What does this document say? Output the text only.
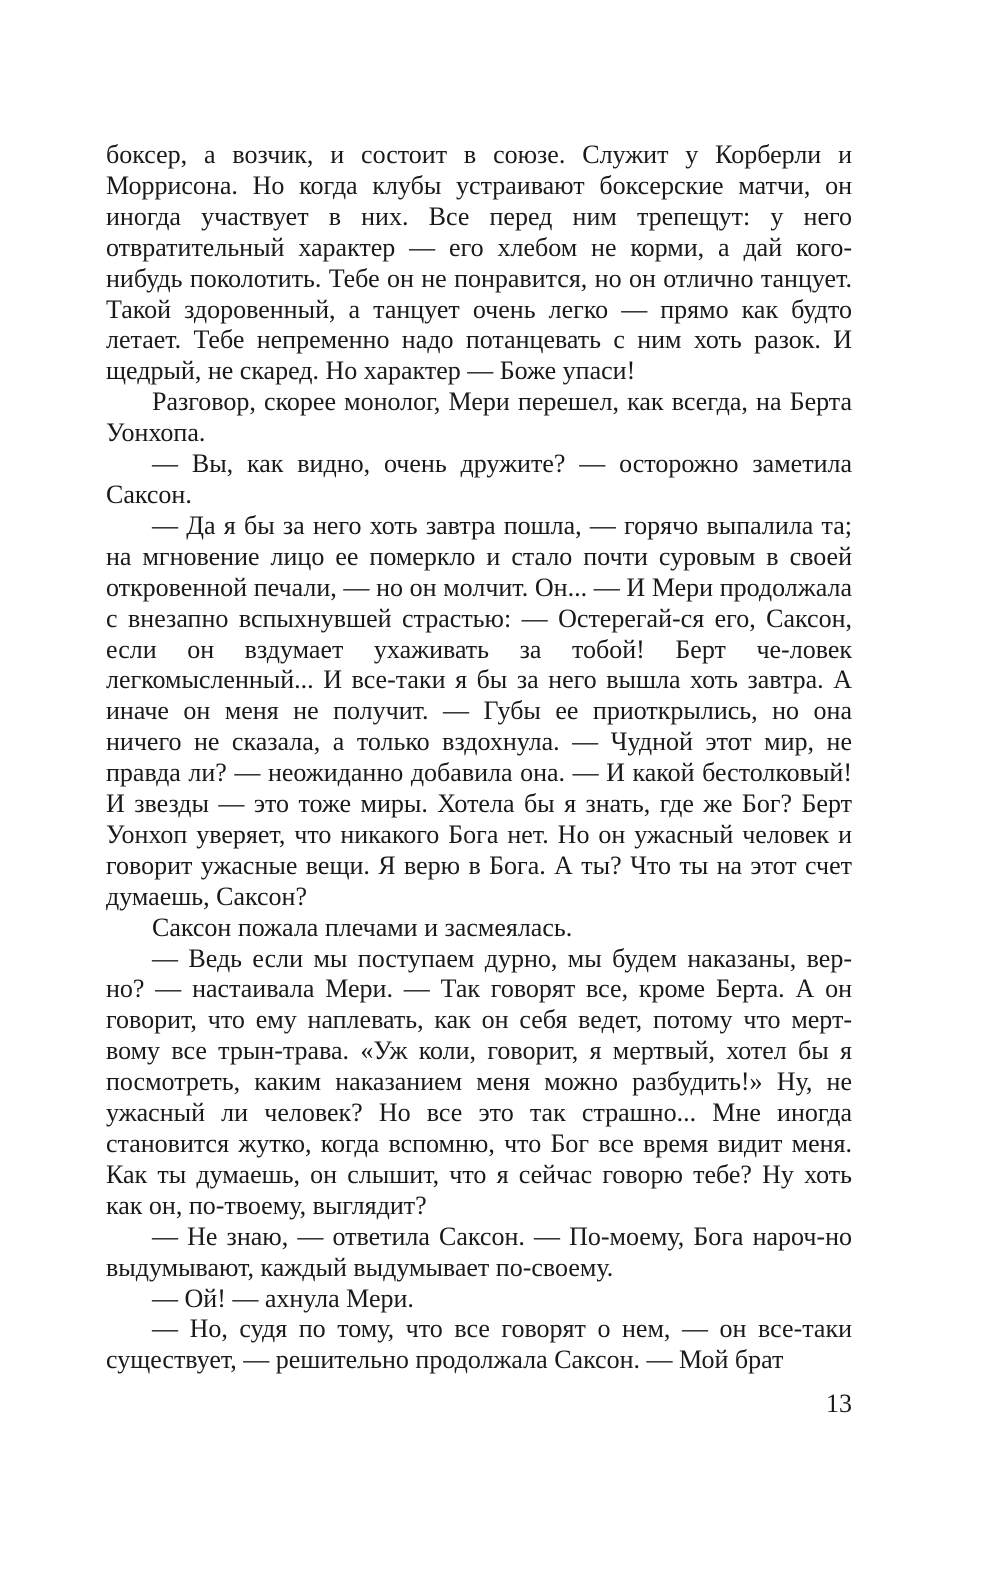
боксер, а возчик, и состоит в союзе. Служит у Корберли и Моррисона. Но когда клубы устраивают боксерские матчи, он иногда участвует в них. Все перед ним трепещут: у него отвратительный характер — его хлебом не корми, а дай кого-нибудь поколотить. Тебе он не понравится, но он отлично танцует. Такой здоровенный, а танцует очень легко — прямо как будто летает. Тебе непременно надо потанцевать с ним хоть разок. И щедрый, не скаред. Но характер — Боже упаси!

Разговор, скорее монолог, Мери перешел, как всегда, на Берта Уонхопа.

— Вы, как видно, очень дружите? — осторожно заметила Саксон.

— Да я бы за него хоть завтра пошла, — горячо выпалила та; на мгновение лицо ее померкло и стало почти суровым в своей откровенной печали, — но он молчит. Он... — И Мери продолжала с внезапно вспыхнувшей страстью: — Остерегай-ся его, Саксон, если он вздумает ухаживать за тобой! Берт че-ловек легкомысленный... И все-таки я бы за него вышла хоть завтра. А иначе он меня не получит. — Губы ее приоткрылись, но она ничего не сказала, а только вздохнула. — Чудной этот мир, не правда ли? — неожиданно добавила она. — И какой бестолковый! И звезды — это тоже миры. Хотела бы я знать, где же Бог? Берт Уонхоп уверяет, что никакого Бога нет. Но он ужасный человек и говорит ужасные вещи. Я верю в Бога. А ты? Что ты на этот счет думаешь, Саксон?

Саксон пожала плечами и засмеялась.

— Ведь если мы поступаем дурно, мы будем наказаны, вер-но? — настаивала Мери. — Так говорят все, кроме Берта. А он говорит, что ему наплевать, как он себя ведет, потому что мерт-вому все трын-трава. «Уж коли, говорит, я мертвый, хотел бы я посмотреть, каким наказанием меня можно разбудить!» Ну, не ужасный ли человек? Но все это так страшно... Мне иногда становится жутко, когда вспомню, что Бог все время видит меня. Как ты думаешь, он слышит, что я сейчас говорю тебе? Ну хоть как он, по-твоему, выглядит?

— Не знаю, — ответила Саксон. — По-моему, Бога нароч-но выдумывают, каждый выдумывает по-своему.

— Ой! — ахнула Мери.

— Но, судя по тому, что все говорят о нем, — он все-таки существует, — решительно продолжала Саксон. — Мой брат

13
